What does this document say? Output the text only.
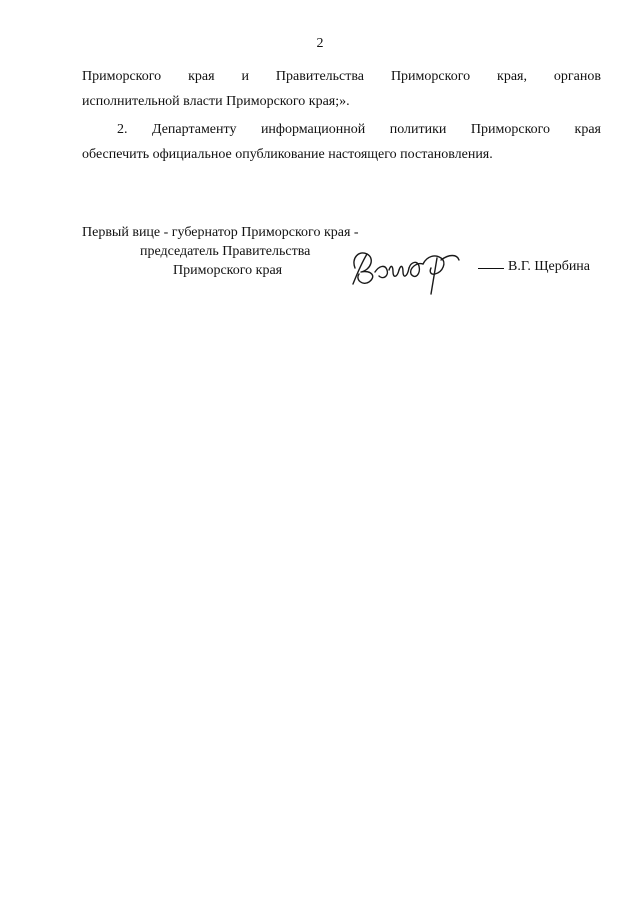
2
Приморского края и Правительства Приморского края, органов
исполнительной власти Приморского края;».
2. Департаменту информационной политики Приморского края
обеспечить официальное опубликование настоящего постановления.
Первый вице - губернатор Приморского края -
председатель Правительства
Приморского края	В.Г. Щербина
